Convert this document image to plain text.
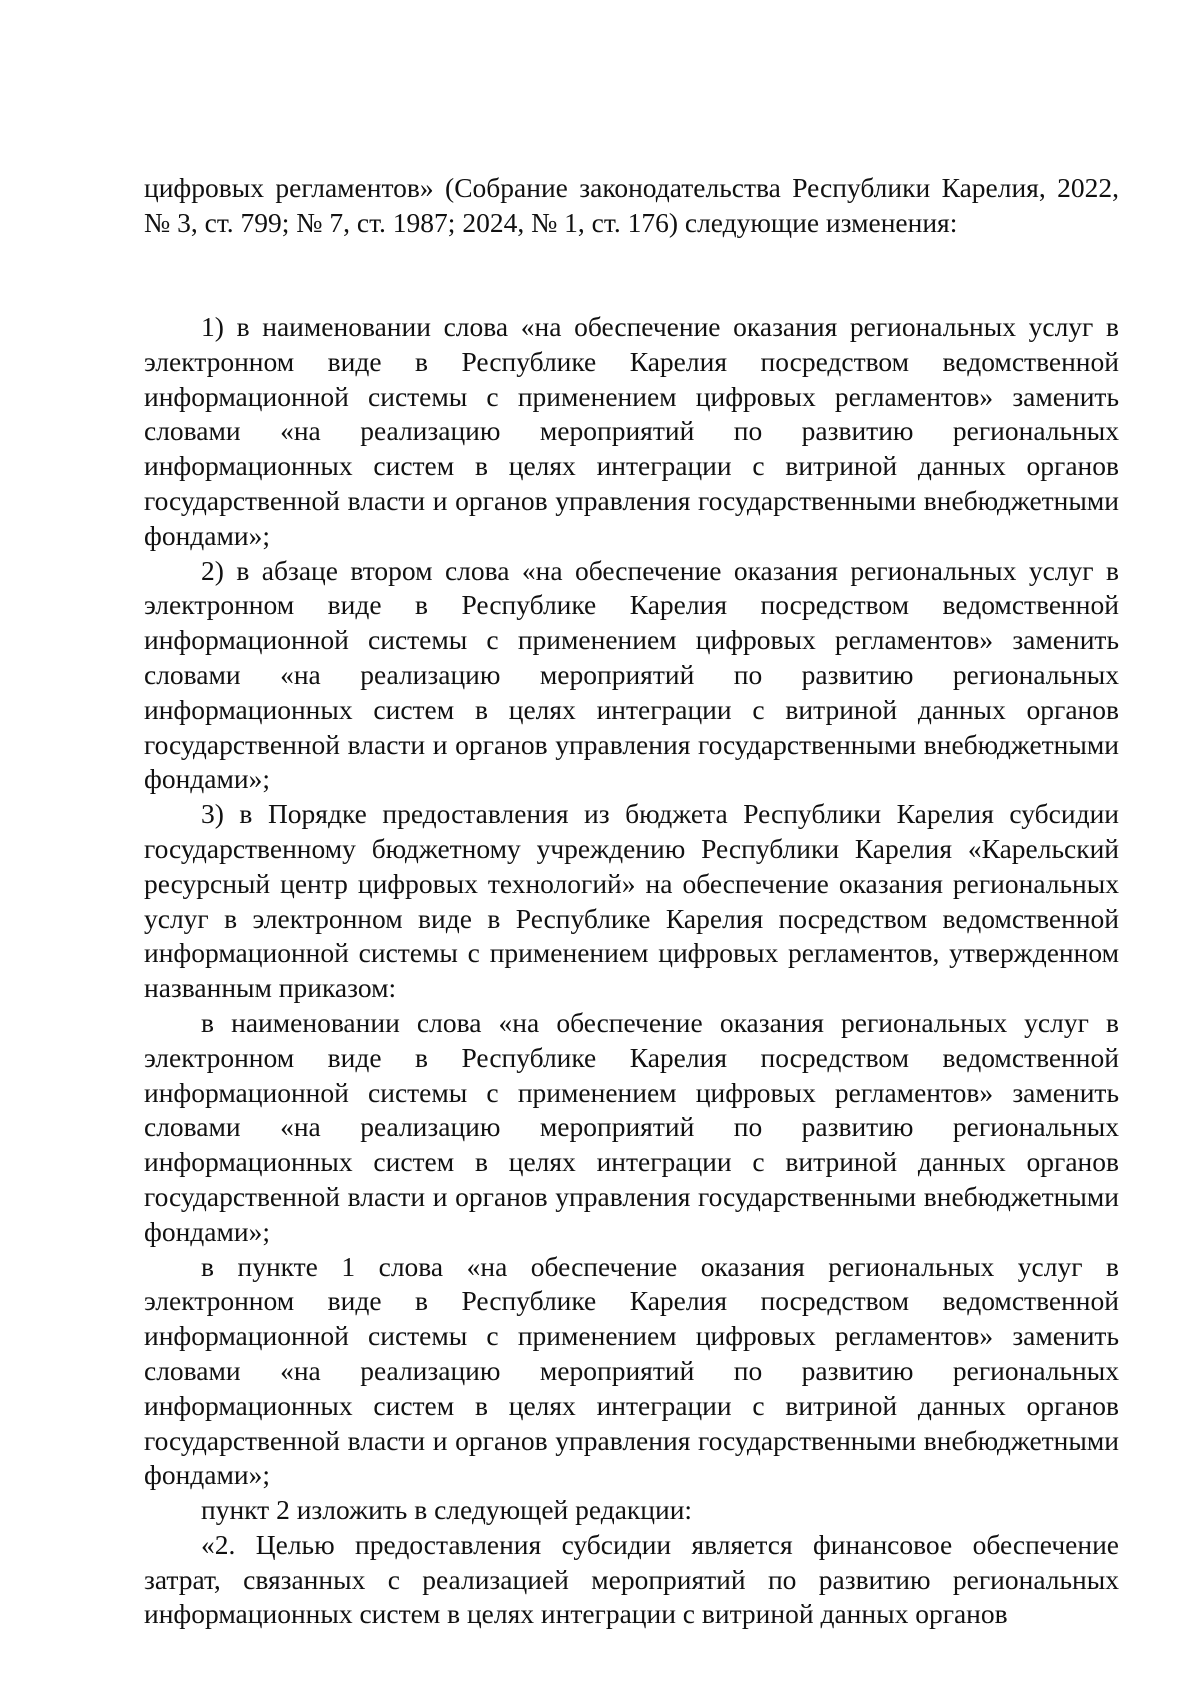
цифровых регламентов» (Собрание законодательства Республики Карелия, 2022, № 3, ст. 799; № 7, ст. 1987; 2024, № 1, ст. 176) следующие изменения:

1) в наименовании слова «на обеспечение оказания региональных услуг в электронном виде в Республике Карелия посредством ведомственной информационной системы с применением цифровых регламентов» заменить словами «на реализацию мероприятий по развитию региональных информационных систем в целях интеграции с витриной данных органов государственной власти и органов управления государственными внебюджетными фондами»;

2) в абзаце втором слова «на обеспечение оказания региональных услуг в электронном виде в Республике Карелия посредством ведомственной информационной системы с применением цифровых регламентов» заменить словами «на реализацию мероприятий по развитию региональных информационных систем в целях интеграции с витриной данных органов государственной власти и органов управления государственными внебюджетными фондами»;

3) в Порядке предоставления из бюджета Республики Карелия субсидии государственному бюджетному учреждению Республики Карелия «Карельский ресурсный центр цифровых технологий» на обеспечение оказания региональных услуг в электронном виде в Республике Карелия посредством ведомственной информационной системы с применением цифровых регламентов, утвержденном названным приказом:

в наименовании слова «на обеспечение оказания региональных услуг в электронном виде в Республике Карелия посредством ведомственной информационной системы с применением цифровых регламентов» заменить словами «на реализацию мероприятий по развитию региональных информационных систем в целях интеграции с витриной данных органов государственной власти и органов управления государственными внебюджетными фондами»;

в пункте 1 слова «на обеспечение оказания региональных услуг в электронном виде в Республике Карелия посредством ведомственной информационной системы с применением цифровых регламентов» заменить словами «на реализацию мероприятий по развитию региональных информационных систем в целях интеграции с витриной данных органов государственной власти и органов управления государственными внебюджетными фондами»;

пункт 2 изложить в следующей редакции:

«2. Целью предоставления субсидии является финансовое обеспечение затрат, связанных с реализацией мероприятий по развитию региональных информационных систем в целях интеграции с витриной данных органов
